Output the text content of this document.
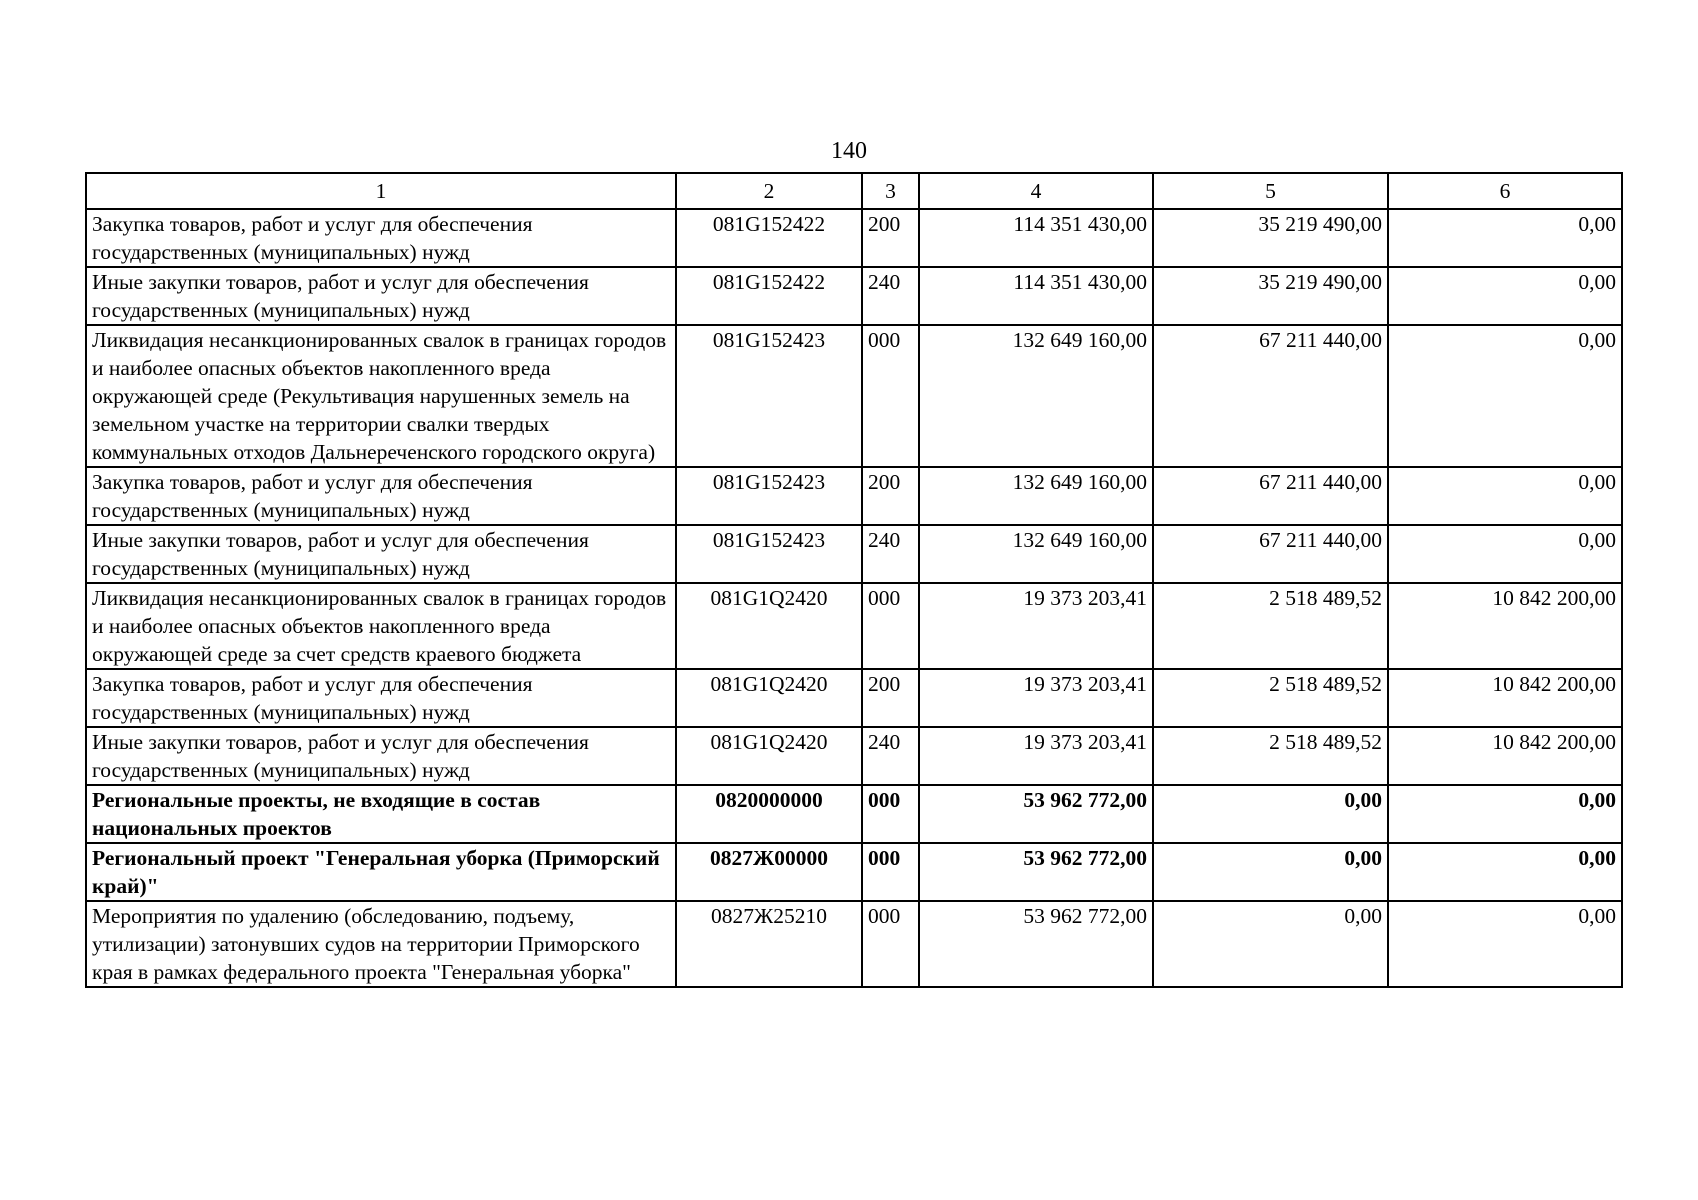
140
1	2	3	4	5	6
Закупка товаров, работ и услуг для обеспечения государственных (муниципальных) нужд	081G152422	200	114 351 430,00	35 219 490,00	0,00
Иные закупки товаров, работ и услуг для обеспечения государственных (муниципальных) нужд	081G152422	240	114 351 430,00	35 219 490,00	0,00
Ликвидация несанкционированных свалок в границах городов и наиболее опасных объектов накопленного вреда окружающей среде (Рекультивация нарушенных земель на земельном участке на территории свалки твердых коммунальных отходов Дальнереченского городского округа)	081G152423	000	132 649 160,00	67 211 440,00	0,00
Закупка товаров, работ и услуг для обеспечения государственных (муниципальных) нужд	081G152423	200	132 649 160,00	67 211 440,00	0,00
Иные закупки товаров, работ и услуг для обеспечения государственных (муниципальных) нужд	081G152423	240	132 649 160,00	67 211 440,00	0,00
Ликвидация несанкционированных свалок в границах городов и наиболее опасных объектов накопленного вреда окружающей среде за счет средств краевого бюджета	081G1Q2420	000	19 373 203,41	2 518 489,52	10 842 200,00
Закупка товаров, работ и услуг для обеспечения государственных (муниципальных) нужд	081G1Q2420	200	19 373 203,41	2 518 489,52	10 842 200,00
Иные закупки товаров, работ и услуг для обеспечения государственных (муниципальных) нужд	081G1Q2420	240	19 373 203,41	2 518 489,52	10 842 200,00
Региональные проекты, не входящие в состав национальных проектов	0820000000	000	53 962 772,00	0,00	0,00
Региональный проект "Генеральная уборка (Приморский край)"	0827Ж00000	000	53 962 772,00	0,00	0,00
Мероприятия по удалению (обследованию, подъему, утилизации) затонувших судов на территории Приморского края в рамках федерального проекта "Генеральная уборка"	0827Ж25210	000	53 962 772,00	0,00	0,00
